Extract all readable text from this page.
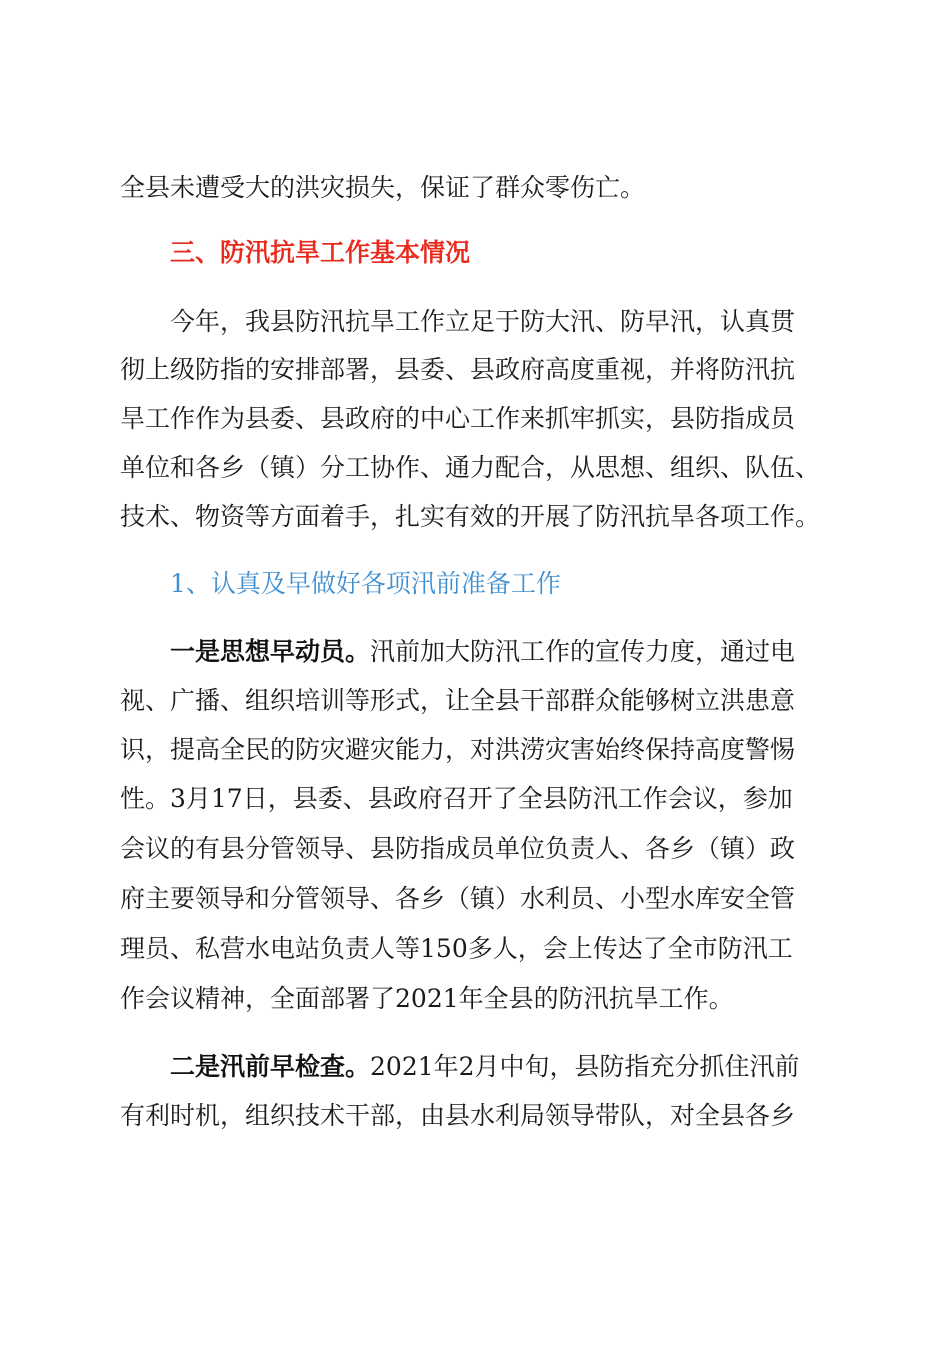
全县未遭受大的洪灾损失，保证了群众零伤亡。

三、防汛抗旱工作基本情况

今年，我县防汛抗旱工作立足于防大汛、防早汛，认真贯

彻上级防指的安排部署，县委、县政府高度重视，并将防汛抗

旱工作作为县委、县政府的中心工作来抓牢抓实，县防指成员

单位和各乡（镇）分工协作、通力配合，从思想、组织、队伍、

技术、物资等方面着手，扎实有效的开展了防汛抗旱各项工作。

1、认真及早做好各项汛前准备工作

一是思想早动员。汛前加大防汛工作的宣传力度，通过电

视、广播、组织培训等形式，让全县干部群众能够树立洪患意

识，提高全民的防灾避灾能力，对洪涝灾害始终保持高度警惕

性。3月17日，县委、县政府召开了全县防汛工作会议，参加

会议的有县分管领导、县防指成员单位负责人、各乡（镇）政

府主要领导和分管领导、各乡（镇）水利员、小型水库安全管

理员、私营水电站负责人等150多人，会上传达了全市防汛工

作会议精神，全面部署了2021年全县的防汛抗旱工作。

二是汛前早检查。2021年2月中旬，县防指充分抓住汛前

有利时机，组织技术干部，由县水利局领导带队，对全县各乡
